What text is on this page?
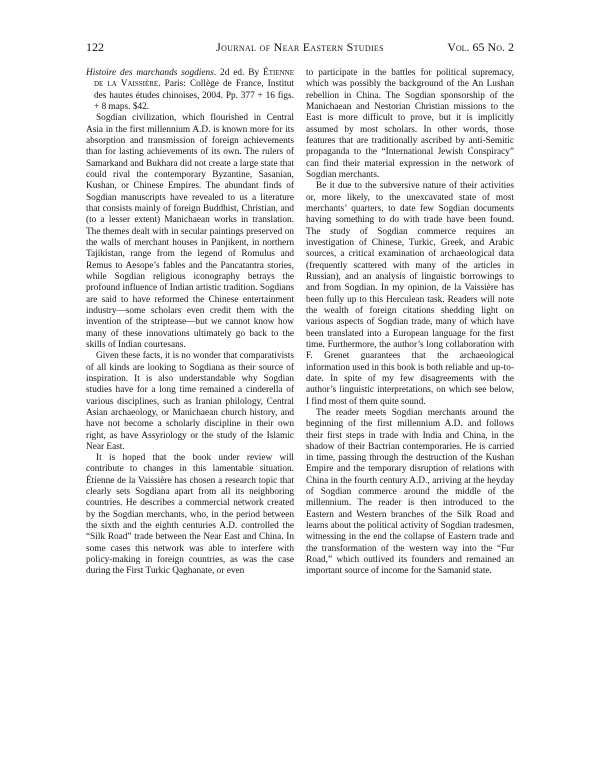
122	Journal of Near Eastern Studies	Vol. 65 No. 2

Histoire des marchands sogdiens. 2d ed. By Étienne de la Vaissière. Paris: Collège de France, Institut des hautes études chinoises, 2004. Pp. 377 + 16 figs. + 8 maps. $42.

Sogdian civilization, which flourished in Central Asia in the first millennium A.D. is known more for its absorption and transmission of foreign achievements than for lasting achievements of its own. The rulers of Samarkand and Bukhara did not create a large state that could rival the contemporary Byzantine, Sasanian, Kushan, or Chinese Empires. The abundant finds of Sogdian manuscripts have revealed to us a literature that consists mainly of foreign Buddhist, Christian, and (to a lesser extent) Manichaean works in translation. The themes dealt with in secular paintings preserved on the walls of merchant houses in Panjikent, in northern Tajikistan, range from the legend of Romulus and Remus to Aesope’s fables and the Pancatantra stories, while Sogdian religious iconography betrays the profound influence of Indian artistic tradition. Sogdians are said to have reformed the Chinese entertainment industry—some scholars even credit them with the invention of the striptease—but we cannot know how many of these innovations ultimately go back to the skills of Indian courtesans.

Given these facts, it is no wonder that comparativists of all kinds are looking to Sogdiana as their source of inspiration. It is also understandable why Sogdian studies have for a long time remained a cinderella of various disciplines, such as Iranian philology, Central Asian archaeology, or Manichaean church history, and have not become a scholarly discipline in their own right, as have Assyriology or the study of the Islamic Near East.

It is hoped that the book under review will contribute to changes in this lamentable situation. Étienne de la Vaissière has chosen a research topic that clearly sets Sogdiana apart from all its neighboring countries. He describes a commercial network created by the Sogdian merchants, who, in the period between the sixth and the eighth centuries A.D. controlled the “Silk Road” trade between the Near East and China. In some cases this network was able to interfere with policy-making in foreign countries, as was the case during the First Turkic Qaghanate, or even

to participate in the battles for political supremacy, which was possibly the background of the An Lushan rebellion in China. The Sogdian sponsorship of the Manichaean and Nestorian Christian missions to the East is more difficult to prove, but it is implicitly assumed by most scholars. In other words, those features that are traditionally ascribed by anti-Semitic propaganda to the “International Jewish Conspiracy” can find their material expression in the network of Sogdian merchants.

Be it due to the subversive nature of their activities or, more likely, to the unexcavated state of most merchants’ quarters, to date few Sogdian documents having something to do with trade have been found. The study of Sogdian commerce requires an investigation of Chinese, Turkic, Greek, and Arabic sources, a critical examination of archaeological data (frequently scattered with many of the articles in Russian), and an analysis of linguistic borrowings to and from Sogdian. In my opinion, de la Vaissière has been fully up to this Herculean task. Readers will note the wealth of foreign citations shedding light on various aspects of Sogdian trade, many of which have been translated into a European language for the first time. Furthermore, the author’s long collaboration with F. Grenet guarantees that the archaeological information used in this book is both reliable and up-to-date. In spite of my few disagreements with the author’s linguistic interpretations, on which see below, I find most of them quite sound.

The reader meets Sogdian merchants around the beginning of the first millennium A.D. and follows their first steps in trade with India and China, in the shadow of their Bactrian contemporaries. He is carried in time, passing through the destruction of the Kushan Empire and the temporary disruption of relations with China in the fourth century A.D., arriving at the heyday of Sogdian commerce around the middle of the millennium. The reader is then introduced to the Eastern and Western branches of the Silk Road and learns about the political activity of Sogdian tradesmen, witnessing in the end the collapse of Eastern trade and the transformation of the western way into the “Fur Road,” which outlived its founders and remained an important source of income for the Samanid state.
